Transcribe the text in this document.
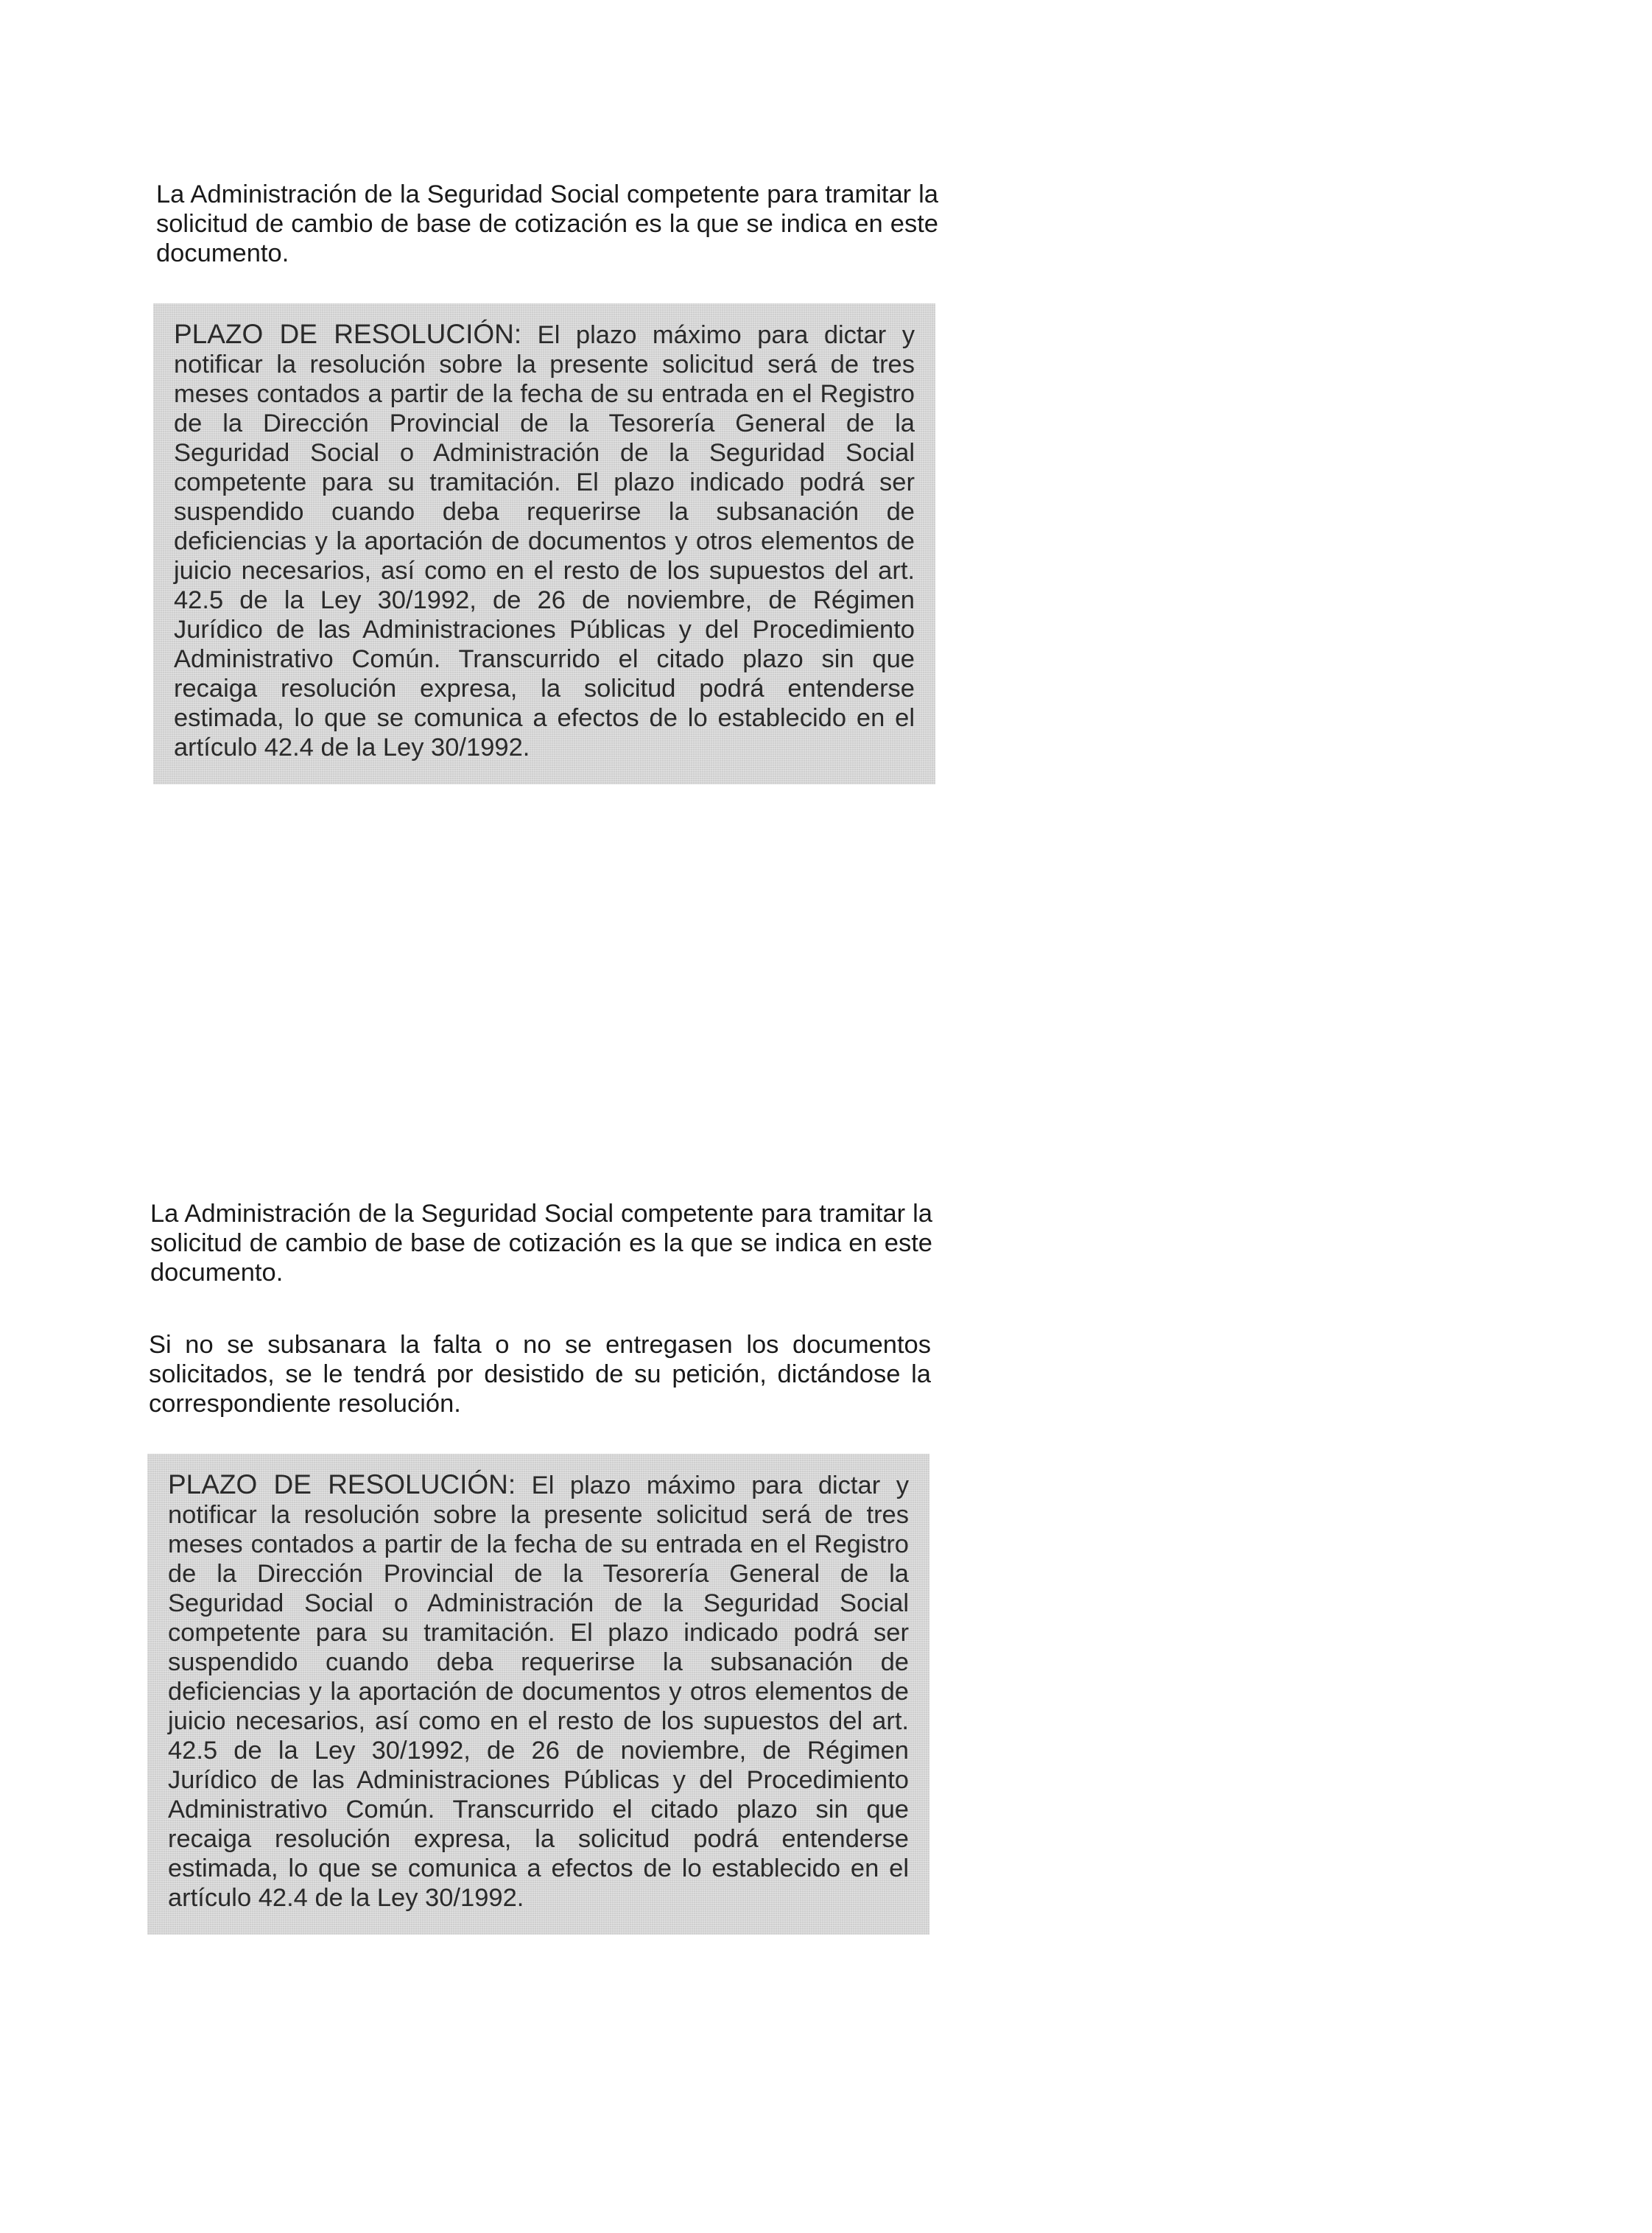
La Administración de la Seguridad Social competente para tramitar la solicitud de cambio de base de cotización es la que se indica en este documento.
PLAZO DE RESOLUCIÓN: El plazo máximo para dictar y notificar la resolución sobre la presente solicitud será de tres meses contados a partir de la fecha de su entrada en el Registro de la Dirección Provincial de la Tesorería General de la Seguridad Social o Administración de la Seguridad Social competente para su tramitación. El plazo indicado podrá ser suspendido cuando deba requerirse la subsanación de deficiencias y la aportación de documentos y otros elementos de juicio necesarios, así como en el resto de los supuestos del art. 42.5 de la Ley 30/1992, de 26 de noviembre, de Régimen Jurídico de las Administraciones Públicas y del Procedimiento Administrativo Común. Transcurrido el citado plazo sin que recaiga resolución expresa, la solicitud podrá entenderse estimada, lo que se comunica a efectos de lo establecido en el artículo 42.4 de la Ley 30/1992.
La Administración de la Seguridad Social competente para tramitar la solicitud de cambio de base de cotización es la que se indica en este documento.
Si no se subsanara la falta o no se entregasen los documentos solicitados, se le tendrá por desistido de su petición, dictándose la correspondiente resolución.
PLAZO DE RESOLUCIÓN: El plazo máximo para dictar y notificar la resolución sobre la presente solicitud será de tres meses contados a partir de la fecha de su entrada en el Registro de la Dirección Provincial de la Tesorería General de la Seguridad Social o Administración de la Seguridad Social competente para su tramitación. El plazo indicado podrá ser suspendido cuando deba requerirse la subsanación de deficiencias y la aportación de documentos y otros elementos de juicio necesarios, así como en el resto de los supuestos del art. 42.5 de la Ley 30/1992, de 26 de noviembre, de Régimen Jurídico de las Administraciones Públicas y del Procedimiento Administrativo Común. Transcurrido el citado plazo sin que recaiga resolución expresa, la solicitud podrá entenderse estimada, lo que se comunica a efectos de lo establecido en el artículo 42.4 de la Ley 30/1992.
